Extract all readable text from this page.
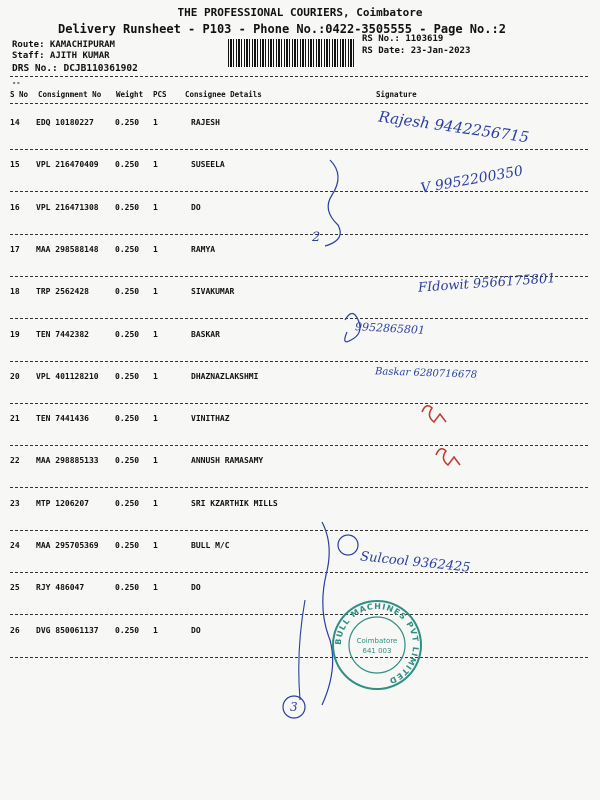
THE PROFESSIONAL COURIERS, Coimbatore
Delivery Runsheet - P103 - Phone No.:0422-3505555 - Page No.:2
Route: KAMACHIPURAM
Staff: AJITH KUMAR
DRS No.: DCJB110361902
RS No.: 1103619
RS Date: 23-Jan-2023
--
S No Consignment No Weight PCS Consignee Details	Signature
14 EDQ 10180227	0.250 1	RAJESH
15 VPL 216470409 0.250 1	SUSEELA
16 VPL 216471308 0.250 1	DO
17 MAA 298588148 0.250 1	RAMYA
18 TRP 2562428	0.250 1	SIVAKUMAR
19 TEN 7442382	0.250 1	BASKAR
20 VPL 401128210 0.250 1	DHAZNAZLAKSHMI
21 TEN 7441436	0.250 1	VINITHAZ
22 MAA 298885133 0.250 1	ANNUSH RAMASAMY
23 MTP 1206207	0.250 1	SRI KZARTHIK MILLS
24 MAA 295705369 0.250 1	BULL M/C
25 RJY 486047	0.250 1	DO
26 DVG 850061137 0.250 1	DO
Rajesh 9442256715
V 9952200350
FIdowit 9566175801
9952865801
Baskar 6280716678
Sulcool 9362425
2
3
BULL MACHINES PVT LIMITED
Coimbatore
641 003
